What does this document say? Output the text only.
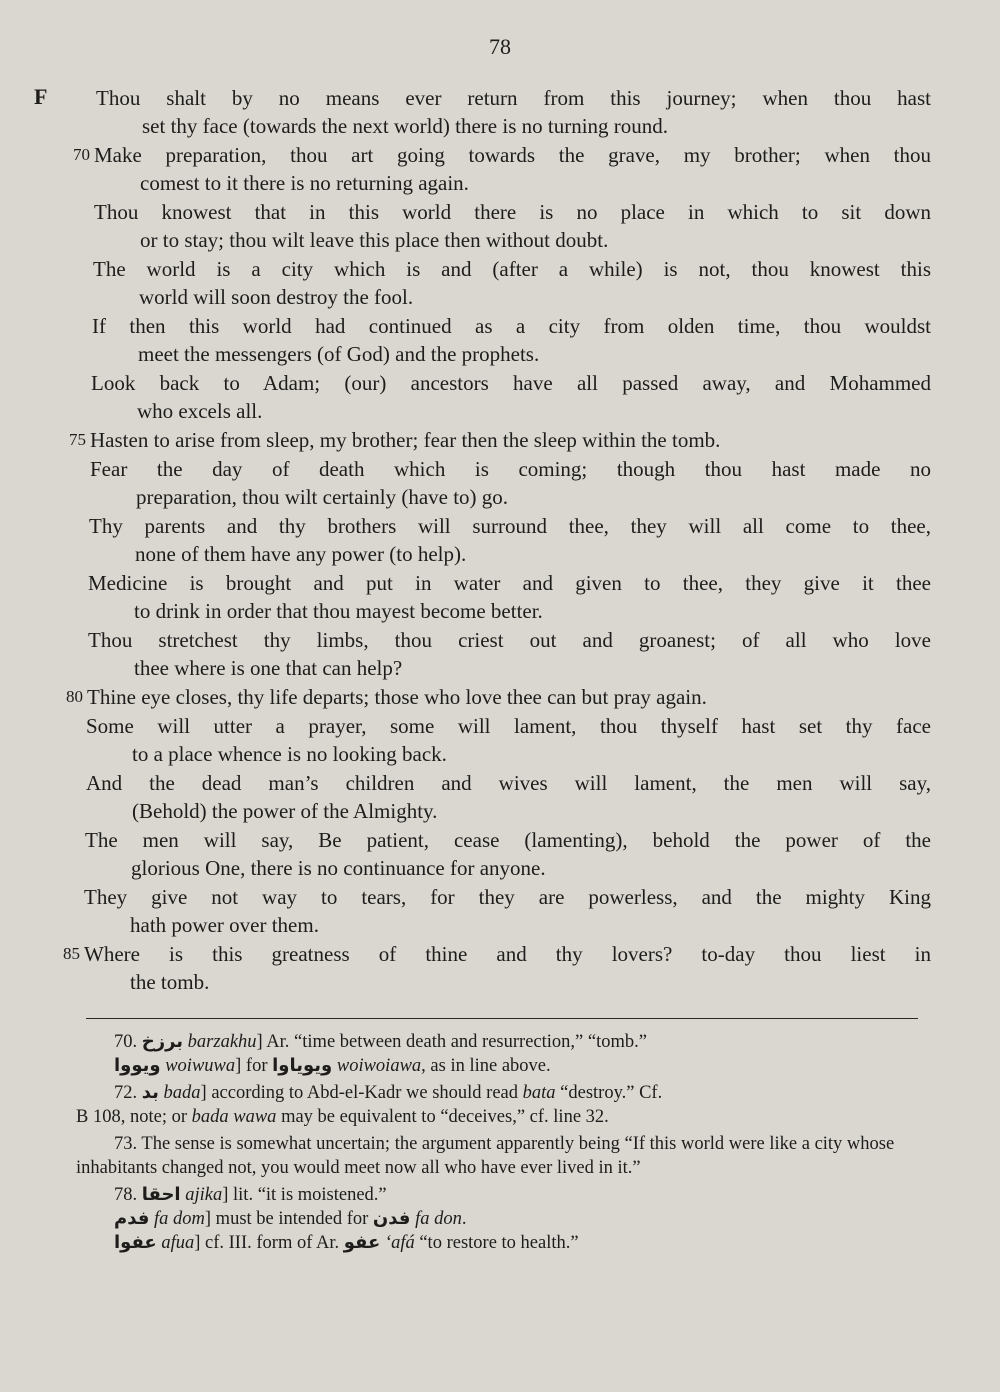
78
F Thou shalt by no means ever return from this journey; when thou hast
set thy face (towards the next world) there is no turning round.
70 Make preparation, thou art going towards the grave, my brother; when thou
comest to it there is no returning again.
Thou knowest that in this world there is no place in which to sit down
or to stay; thou wilt leave this place then without doubt.
The world is a city which is and (after a while) is not, thou knowest this
world will soon destroy the fool.
If then this world had continued as a city from olden time, thou wouldst
meet the messengers (of God) and the prophets.
Look back to Adam; (our) ancestors have all passed away, and Mohammed
who excels all.
75 Hasten to arise from sleep, my brother; fear then the sleep within the tomb.
Fear the day of death which is coming; though thou hast made no
preparation, thou wilt certainly (have to) go.
Thy parents and thy brothers will surround thee, they will all come to thee,
none of them have any power (to help).
Medicine is brought and put in water and given to thee, they give it thee
to drink in order that thou mayest become better.
Thou stretchest thy limbs, thou criest out and groanest; of all who love
thee where is one that can help?
80 Thine eye closes, thy life departs; those who love thee can but pray again.
Some will utter a prayer, some will lament, thou thyself hast set thy face
to a place whence is no looking back.
And the dead man’s children and wives will lament, the men will say,
(Behold) the power of the Almighty.
The men will say, Be patient, cease (lamenting), behold the power of the
glorious One, there is no continuance for anyone.
They give not way to tears, for they are powerless, and the mighty King
hath power over them.
85 Where is this greatness of thine and thy lovers? to-day thou liest in
the tomb.
70. برزخ barzakhu] Ar. “time between death and resurrection,” “tomb.”
ويووا woiwuwa] for ويوياوا woiwoiawa, as in line above.
72. بد bada] according to Abd-el-Kadr we should read bata “destroy.” Cf.
B 108, note; or bada wawa may be equivalent to “deceives,” cf. line 32.
73. The sense is somewhat uncertain; the argument apparently being “If this world were like a city whose inhabitants changed not, you would meet now all who have ever lived in it.”
78. احقا ajika] lit. “it is moistened.”
فدم fa dom] must be intended for فدن fa don.
عفوا afua] cf. III. form of Ar. عفو ‘afá “to restore to health.”
